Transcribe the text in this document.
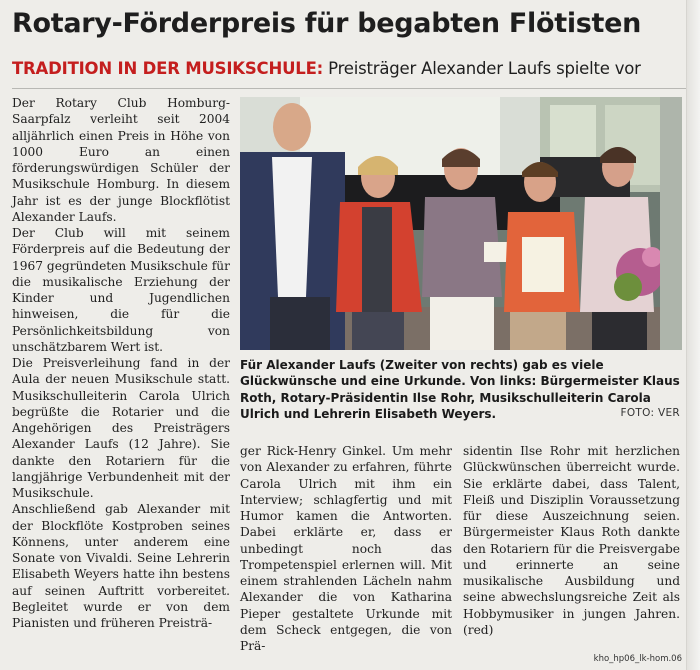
Rotary-Förderpreis für begabten Flötisten
TRADITION IN DER MUSIKSCHULE: Preisträger Alexander Laufs spielte vor

Der Rotary Club Homburg-Saarpfalz verleiht seit 2004 alljährlich einen Preis in Höhe von 1000 Euro an einen förderungswürdigen Schüler der Musikschule Homburg. In diesem Jahr ist es der junge Blockflötist Alexander Laufs.

Der Club will mit seinem Förderpreis auf die Bedeutung der 1967 gegründeten Musikschule für die musikalische Erziehung der Kinder und Jugendlichen hinweisen, die für die Persönlichkeitsbildung von unschätzbarem Wert ist.

Die Preisverleihung fand in der Aula der neuen Musikschule statt. Musikschulleiterin Carola Ulrich begrüßte die Rotarier und die Angehörigen des Preisträgers Alexander Laufs (12 Jahre). Sie dankte den Rotariern für die langjährige Verbundenheit mit der Musikschule.

Anschließend gab Alexander mit der Blockflöte Kostproben seines Könnens, unter anderem eine Sonate von Vivaldi. Seine Lehrerin Elisabeth Weyers hatte ihn bestens auf seinen Auftritt vorbereitet. Begleitet wurde er von dem Pianisten und früheren Preisträ-

Für Alexander Laufs (Zweiter von rechts) gab es viele Glückwünsche und eine Urkunde. Von links: Bürgermeister Klaus Roth, Rotary-Präsidentin Ilse Rohr, Musikschulleiterin Carola Ulrich und Lehrerin Elisabeth Weyers.	FOTO: VER

ger Rick-Henry Ginkel. Um mehr von Alexander zu erfahren, führte Carola Ulrich mit ihm ein Interview; schlagfertig und mit Humor kamen die Antworten. Dabei erklärte er, dass er unbedingt noch das Trompetenspiel erlernen will. Mit einem strahlenden Lächeln nahm Alexander die von Katharina Pieper gestaltete Urkunde mit dem Scheck entgegen, die von Prä-

sidentin Ilse Rohr mit herzlichen Glückwünschen überreicht wurde. Sie erklärte dabei, dass Talent, Fleiß und Disziplin Voraussetzung für diese Auszeichnung seien. Bürgermeister Klaus Roth dankte den Rotariern für die Preisvergabe und erinnerte an seine musikalische Ausbildung und seine abwechslungsreiche Zeit als Hobbymusiker in jungen Jahren. (red)

kho_hp06_lk-hom.06
